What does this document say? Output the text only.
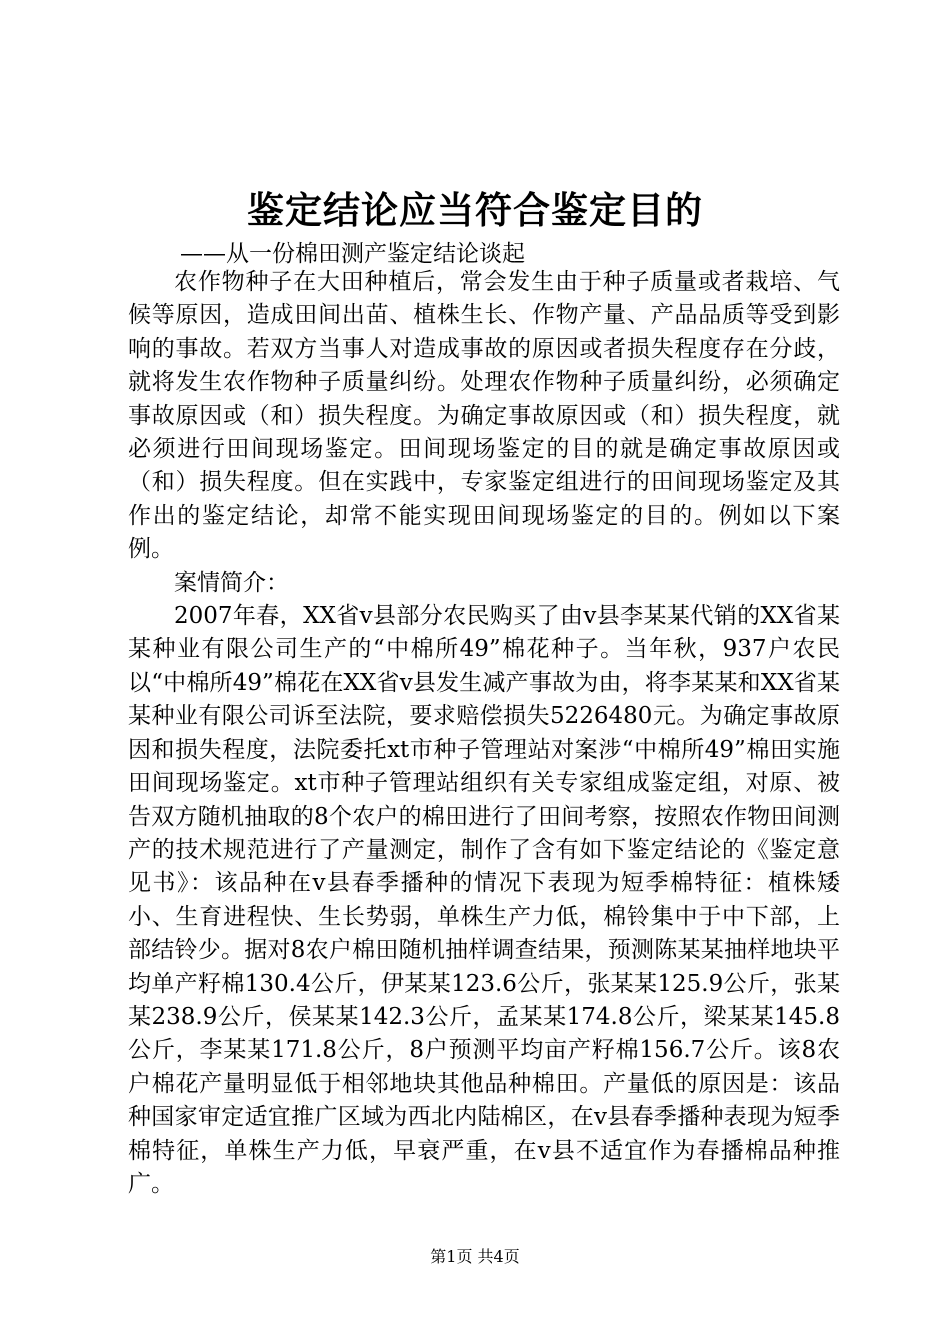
鉴定结论应当符合鉴定目的
——从一份棉田测产鉴定结论谈起

农作物种子在大田种植后，常会发生由于种子质量或者栽培、气候等原因，造成田间出苗、植株生长、作物产量、产品品质等受到影响的事故。若双方当事人对造成事故的原因或者损失程度存在分歧，就将发生农作物种子质量纠纷。处理农作物种子质量纠纷，必须确定事故原因或（和）损失程度。为确定事故原因或（和）损失程度，就必须进行田间现场鉴定。田间现场鉴定的目的就是确定事故原因或（和）损失程度。但在实践中，专家鉴定组进行的田间现场鉴定及其作出的鉴定结论，却常不能实现田间现场鉴定的目的。例如以下案例。

案情简介：

2007年春，XX省v县部分农民购买了由v县李某某代销的XX省某某种业有限公司生产的“中棉所49”棉花种子。当年秋，937户农民以“中棉所49”棉花在XX省v县发生减产事故为由，将李某某和XX省某某种业有限公司诉至法院，要求赔偿损失5226480元。为确定事故原因和损失程度，法院委托xt市种子管理站对案涉“中棉所49”棉田实施田间现场鉴定。xt市种子管理站组织有关专家组成鉴定组，对原、被告双方随机抽取的8个农户的棉田进行了田间考察，按照农作物田间测产的技术规范进行了产量测定，制作了含有如下鉴定结论的《鉴定意见书》：该品种在v县春季播种的情况下表现为短季棉特征：植株矮小、生育进程快、生长势弱，单株生产力低，棉铃集中于中下部，上部结铃少。据对8农户棉田随机抽样调查结果，预测陈某某抽样地块平均单产籽棉130.4公斤，伊某某123.6公斤，张某某125.9公斤，张某某238.9公斤，侯某某142.3公斤，孟某某174.8公斤，梁某某145.8公斤，李某某171.8公斤，8户预测平均亩产籽棉156.7公斤。该8农户棉花产量明显低于相邻地块其他品种棉田。产量低的原因是：该品种国家审定适宜推广区域为西北内陆棉区，在v县春季播种表现为短季棉特征，单株生产力低，早衰严重，在v县不适宜作为春播棉品种推广。

第1页 共4页
